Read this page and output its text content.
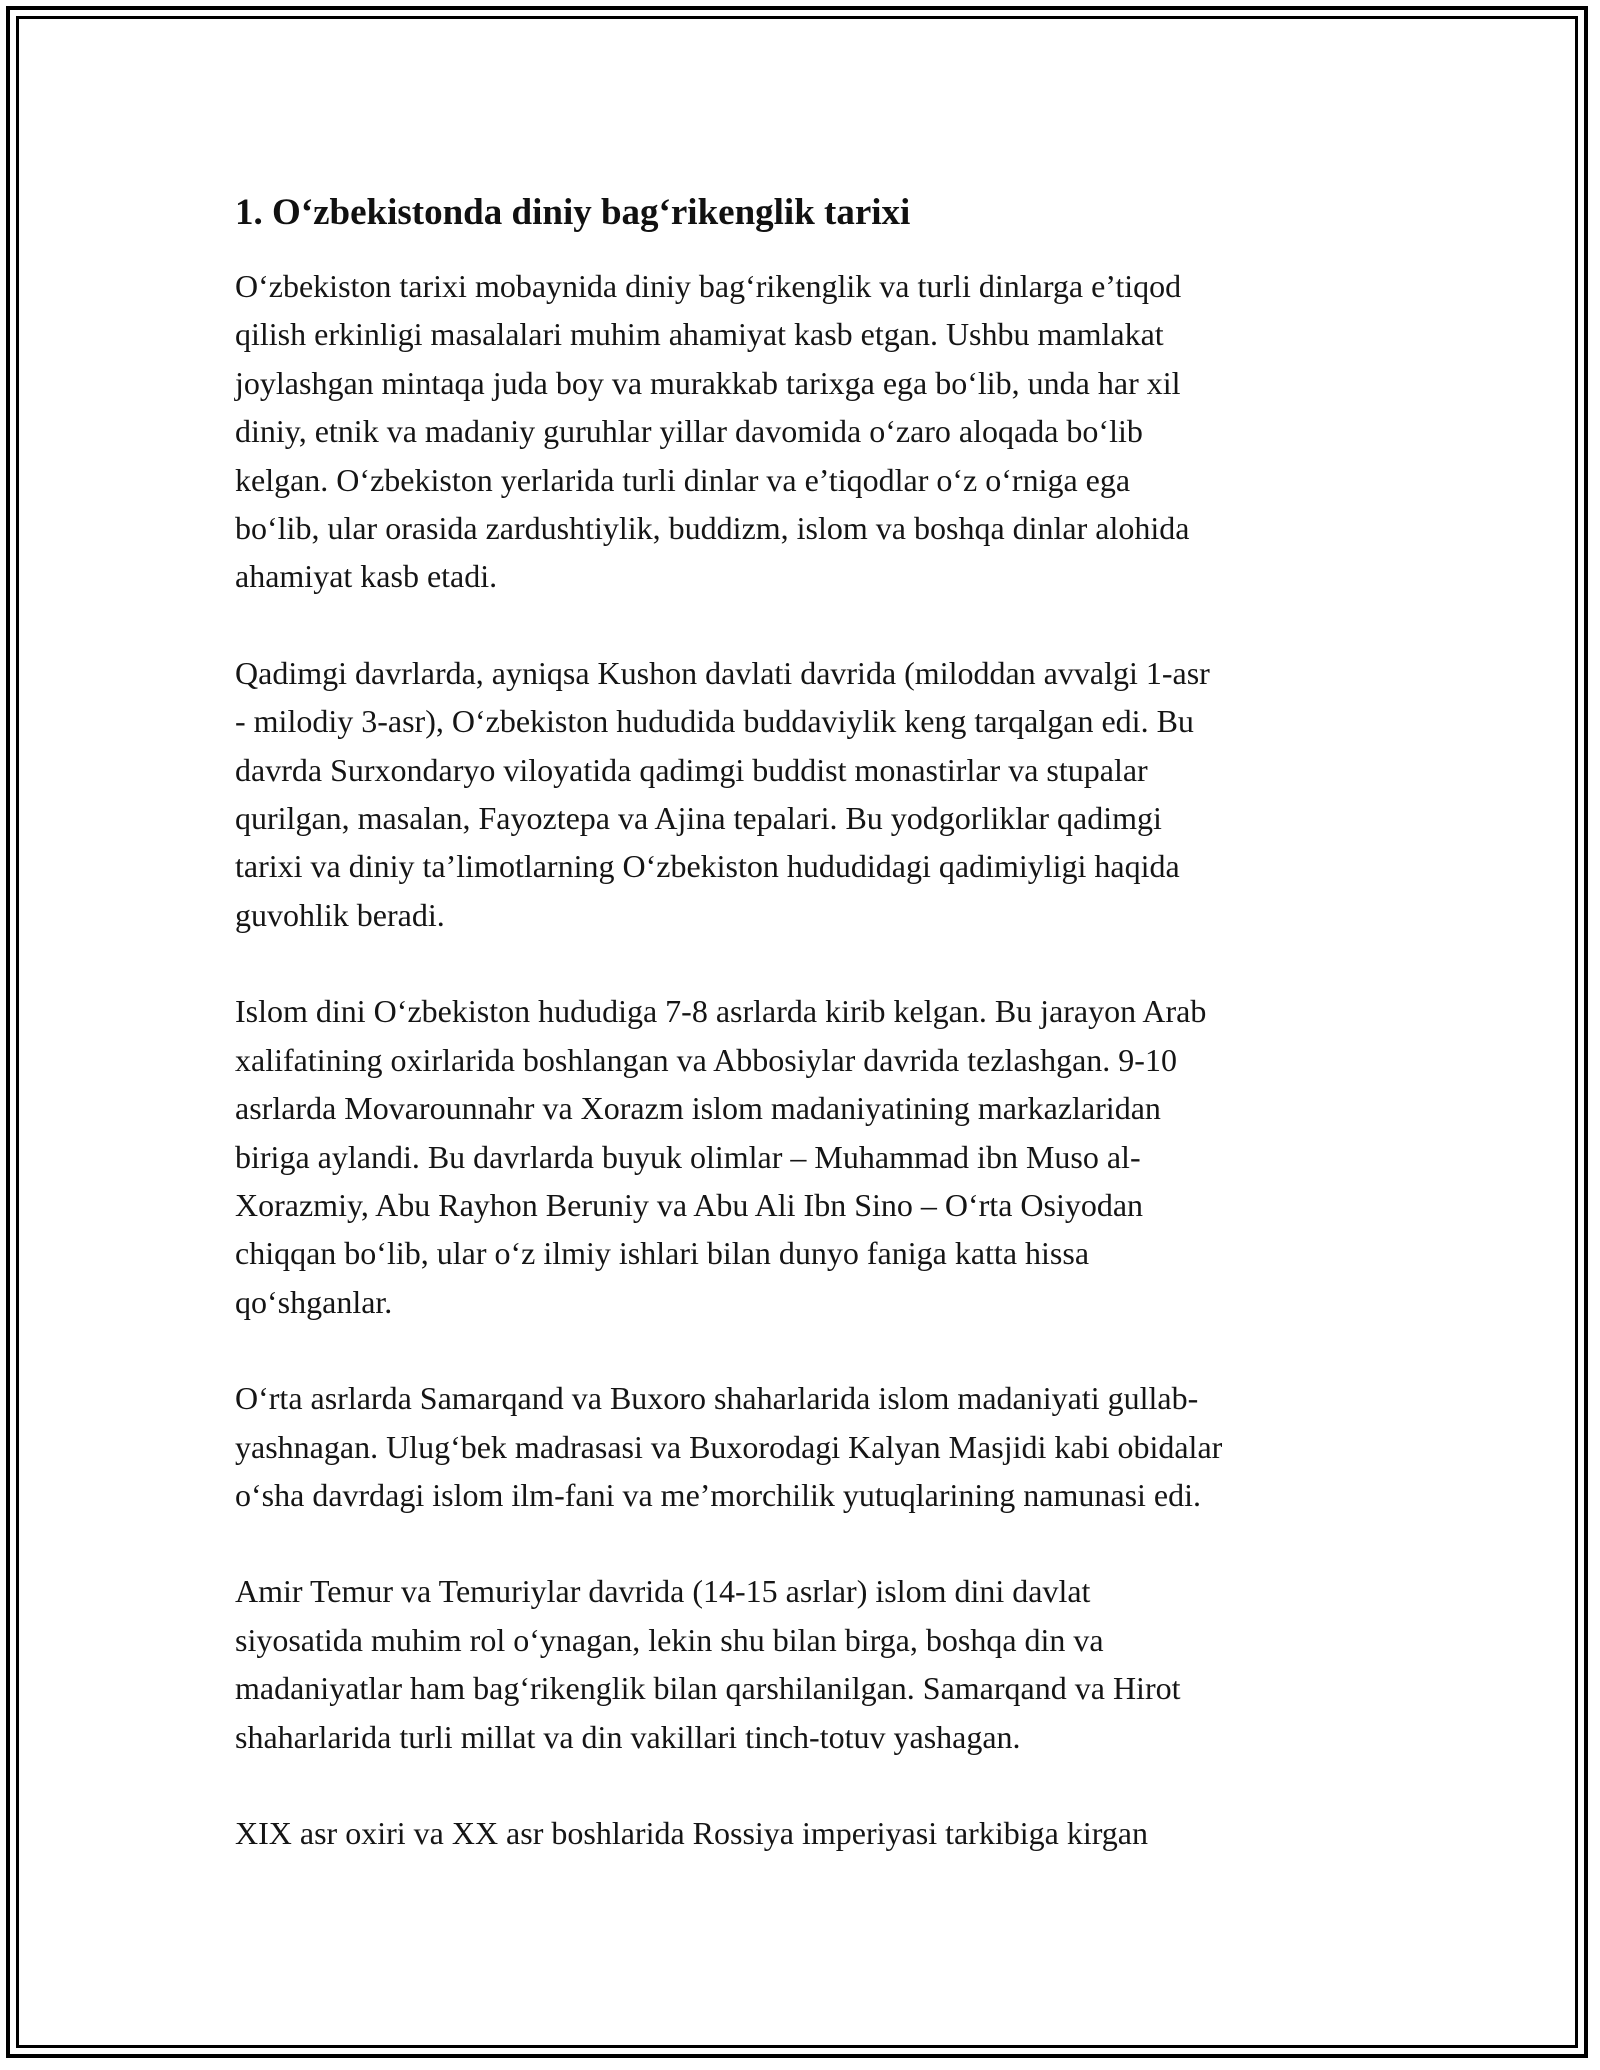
1. O‘zbekistonda diniy bag‘rikenglik tarixi

O‘zbekiston tarixi mobaynida diniy bag‘rikenglik va turli dinlarga e’tiqod
qilish erkinligi masalalari muhim ahamiyat kasb etgan. Ushbu mamlakat
joylashgan mintaqa juda boy va murakkab tarixga ega bo‘lib, unda har xil
diniy, etnik va madaniy guruhlar yillar davomida o‘zaro aloqada bo‘lib
kelgan. O‘zbekiston yerlarida turli dinlar va e’tiqodlar o‘z o‘rniga ega
bo‘lib, ular orasida zardushtiylik, buddizm, islom va boshqa dinlar alohida
ahamiyat kasb etadi.

Qadimgi davrlarda, ayniqsa Kushon davlati davrida (miloddan avvalgi 1-asr
- milodiy 3-asr), O‘zbekiston hududida buddaviylik keng tarqalgan edi. Bu
davrda Surxondaryo viloyatida qadimgi buddist monastirlar va stupalar
qurilgan, masalan, Fayoztepa va Ajina tepalari. Bu yodgorliklar qadimgi
tarixi va diniy ta’limotlarning O‘zbekiston hududidagi qadimiyligi haqida
guvohlik beradi.

Islom dini O‘zbekiston hududiga 7-8 asrlarda kirib kelgan. Bu jarayon Arab
xalifatining oxirlarida boshlangan va Abbosiylar davrida tezlashgan. 9-10
asrlarda Movarounnahr va Xorazm islom madaniyatining markazlaridan
biriga aylandi. Bu davrlarda buyuk olimlar – Muhammad ibn Muso al-
Xorazmiy, Abu Rayhon Beruniy va Abu Ali Ibn Sino – O‘rta Osiyodan
chiqqan bo‘lib, ular o‘z ilmiy ishlari bilan dunyo faniga katta hissa
qo‘shganlar.

O‘rta asrlarda Samarqand va Buxoro shaharlarida islom madaniyati gullab-
yashnagan. Ulug‘bek madrasasi va Buxorodagi Kalyan Masjidi kabi obidalar
o‘sha davrdagi islom ilm-fani va me’morchilik yutuqlarining namunasi edi.

Amir Temur va Temuriylar davrida (14-15 asrlar) islom dini davlat
siyosatida muhim rol o‘ynagan, lekin shu bilan birga, boshqa din va
madaniyatlar ham bag‘rikenglik bilan qarshilanilgan. Samarqand va Hirot
shaharlarida turli millat va din vakillari tinch-totuv yashagan.

XIX asr oxiri va XX asr boshlarida Rossiya imperiyasi tarkibiga kirgan
